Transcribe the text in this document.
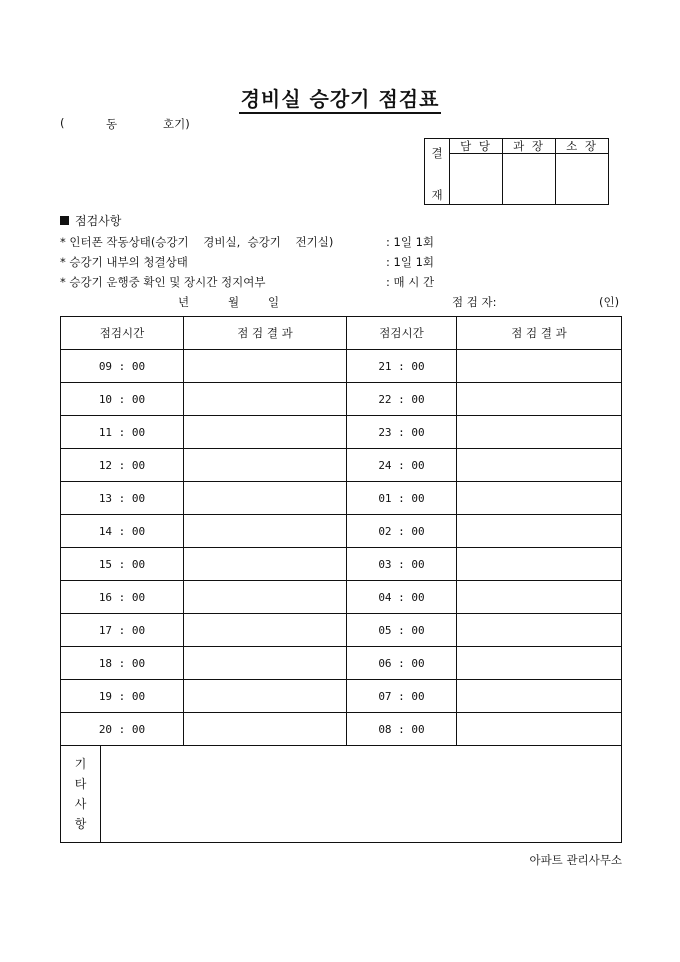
경비실 승강기 점검표
(	동	호기)
결
재	담 당	과 장	소 장

점검사항
* 인터폰 작동상태(승강기    경비실,  승강기    전기실)	: 1일 1회
* 승강기 내부의 청결상태	: 1일 1회
* 승강기 운행중 확인 및 장시간 정지여부	: 매 시 간
년	월	일	점 검 자:	(인)
점검시간	점 검 결 과	점검시간	점 검 결 과
09 : 00		21 : 00	
10 : 00		22 : 00	
11 : 00		23 : 00	
12 : 00		24 : 00	
13 : 00		01 : 00	
14 : 00		02 : 00	
15 : 00		03 : 00	
16 : 00		04 : 00	
17 : 00		05 : 00	
18 : 00		06 : 00	
19 : 00		07 : 00	
20 : 00		08 : 00	
기
타
사
항

아파트 관리사무소
